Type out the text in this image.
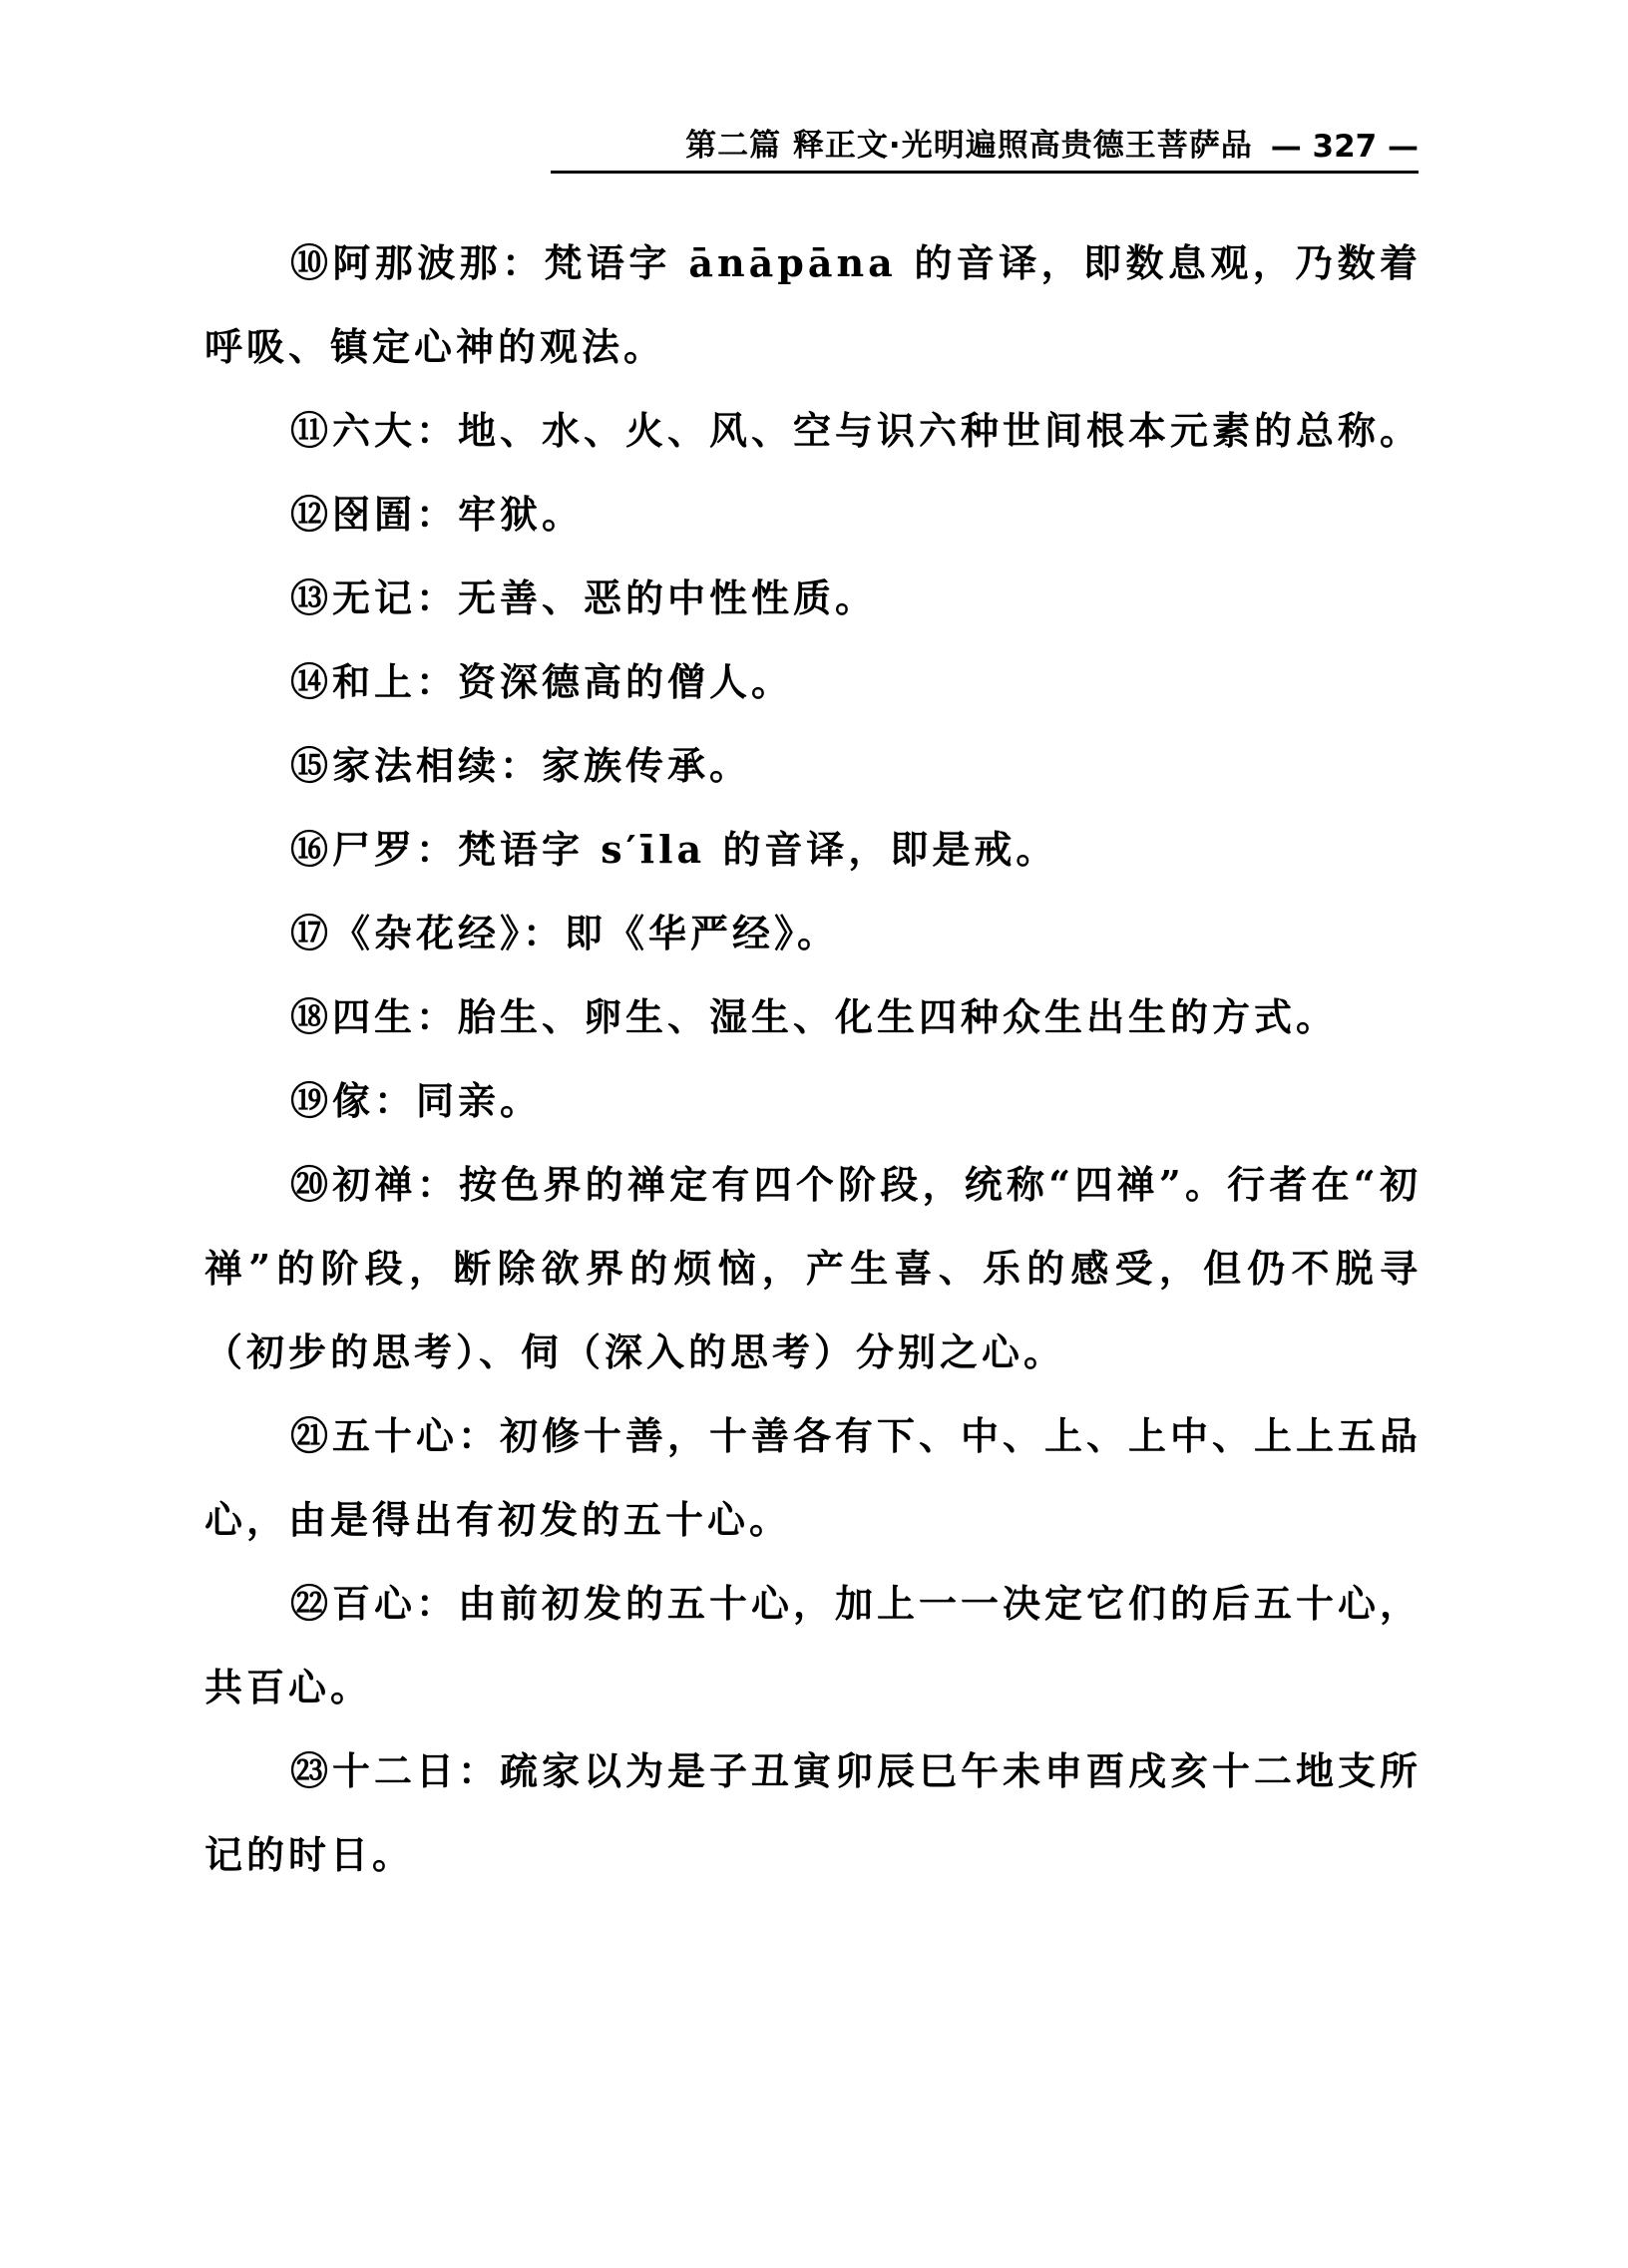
第二篇 释正文·光明遍照高贵德王菩萨品 — 327 —

⑩阿那波那：梵语字 ānāpāna 的音译，即数息观，乃数着呼吸、镇定心神的观法。

⑪六大：地、水、火、风、空与识六种世间根本元素的总称。

⑫囹圄：牢狱。

⑬无记：无善、恶的中性性质。

⑭和上：资深德高的僧人。

⑮家法相续：家族传承。

⑯尸罗：梵语字 s′īla 的音译，即是戒。

⑰《杂花经》：即《华严经》。

⑱四生：胎生、卵生、湿生、化生四种众生出生的方式。

⑲傢：同亲。

⑳初禅：按色界的禅定有四个阶段，统称“四禅”。行者在“初禅”的阶段，断除欲界的烦恼，产生喜、乐的感受，但仍不脱寻（初步的思考）、伺（深入的思考）分别之心。

㉑五十心：初修十善，十善各有下、中、上、上中、上上五品心，由是得出有初发的五十心。

㉒百心：由前初发的五十心，加上一一决定它们的后五十心，共百心。

㉓十二日：疏家以为是子丑寅卯辰巳午未申酉戌亥十二地支所记的时日。
